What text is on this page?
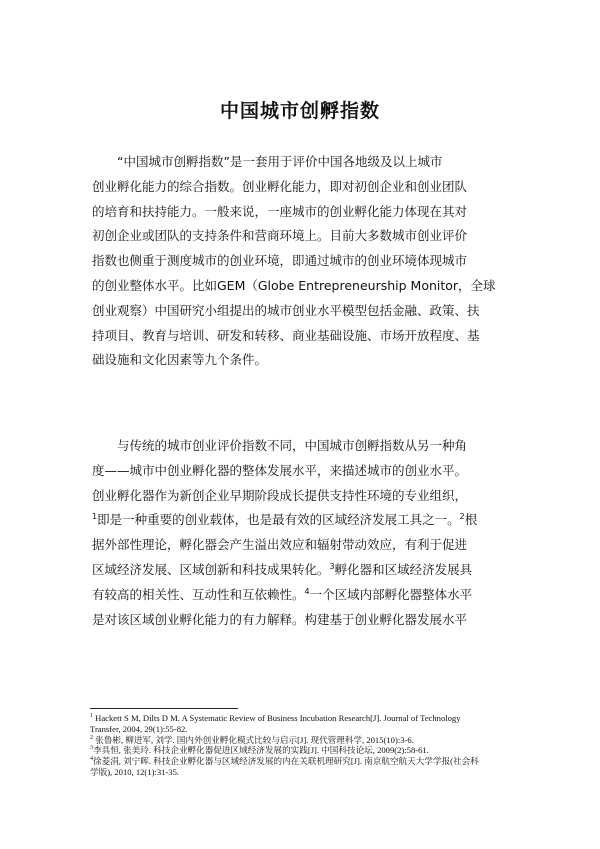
中国城市创孵指数
“中国城市创孵指数”是一套用于评价中国各地级及以上城市
创业孵化能力的综合指数。创业孵化能力，即对初创企业和创业团队
的培育和扶持能力。一般来说，一座城市的创业孵化能力体现在其对
初创企业或团队的支持条件和营商环境上。目前大多数城市创业评价
指数也侧重于测度城市的创业环境，即通过城市的创业环境体现城市
的创业整体水平。比如GEM（Globe Entrepreneurship Monitor，全球
创业观察）中国研究小组提出的城市创业水平模型包括金融、政策、扶
持项目、教育与培训、研发和转移、商业基础设施、市场开放程度、基
础设施和文化因素等九个条件。
与传统的城市创业评价指数不同，中国城市创孵指数从另一种角
度——城市中创业孵化器的整体发展水平，来描述城市的创业水平。
创业孵化器作为新创企业早期阶段成长提供支持性环境的专业组织，
$^1$即是一种重要的创业载体，也是最有效的区域经济发展工具之一。$^2$根
据外部性理论，孵化器会产生溢出效应和辐射带动效应，有利于促进
区域经济发展、区域创新和科技成果转化。$^3$孵化器和区域经济发展具
有较高的相关性、互动性和互依赖性。$^4$一个区域内部孵化器整体水平
是对该区域创业孵化能力的有力解释。构建基于创业孵化器发展水平
$^1$ Hackett S M, Dilts D M. A Systematic Review of Business Incubation Research[J]. Journal of Technology
Transfer, 2004, 29(1):55-82.
$^2$ 张鲁彬, 柳进军, 刘学. 国内外创业孵化模式比较与启示[J]. 现代管理科学, 2015(10):3-6.
$^3$李具恒, 张美玲. 科技企业孵化器促进区域经济发展的实践[J]. 中国科技论坛, 2009(2):58-61.
$^4$徐菱涓, 刘宁晖. 科技企业孵化器与区域经济发展的内在关联机理研究[J]. 南京航空航天大学学报(社会科
学版), 2010, 12(1):31-35.
